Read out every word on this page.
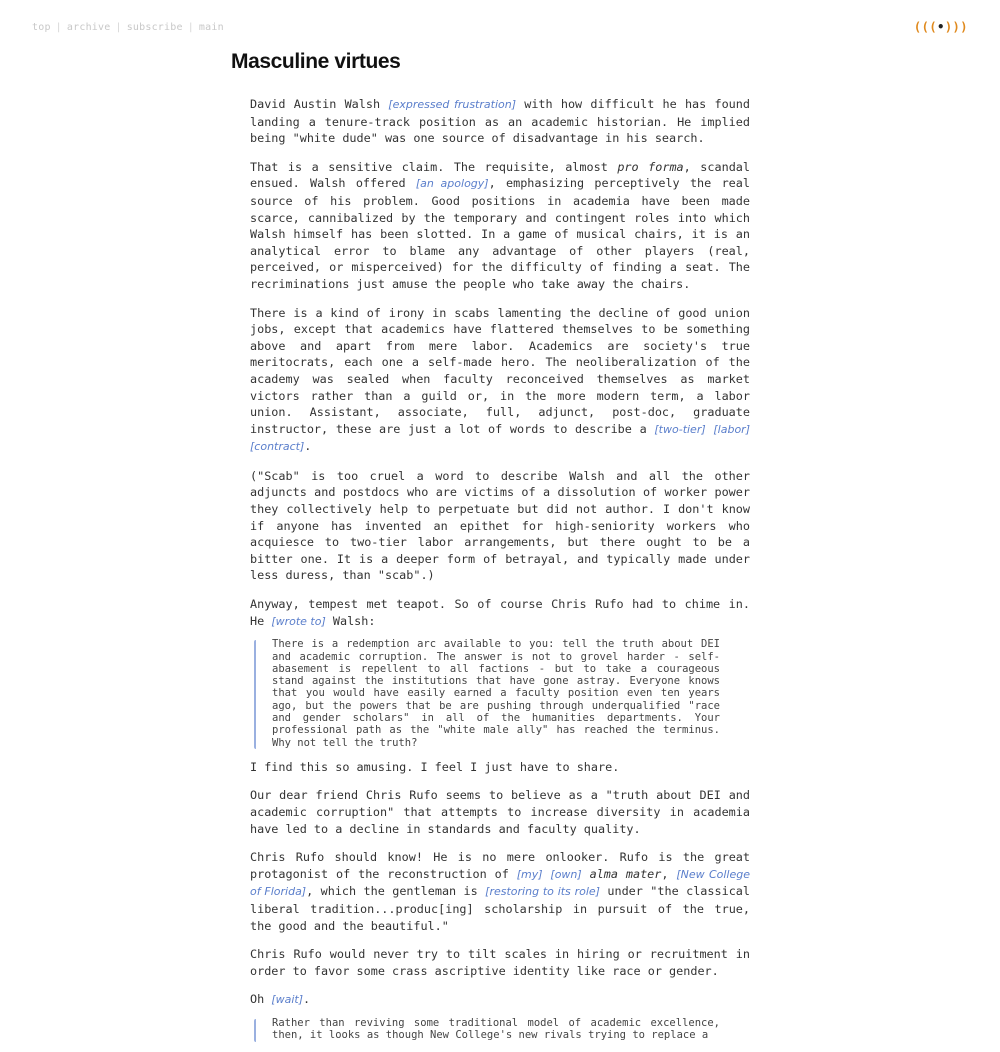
top | archive | subscribe | main	(((•)))
Masculine virtues

David Austin Walsh [expressed frustration] with how difficult he has found landing a tenure-track position as an academic historian. He implied being "white dude" was one source of disadvantage in his search.

That is a sensitive claim. The requisite, almost pro forma, scandal ensued. Walsh offered [an apology], emphasizing perceptively the real source of his problem. Good positions in academia have been made scarce, cannibalized by the temporary and contingent roles into which Walsh himself has been slotted. In a game of musical chairs, it is an analytical error to blame any advantage of other players (real, perceived, or misperceived) for the difficulty of finding a seat. The recriminations just amuse the people who take away the chairs.

There is a kind of irony in scabs lamenting the decline of good union jobs, except that academics have flattered themselves to be something above and apart from mere labor. Academics are society's true meritocrats, each one a self-made hero. The neoliberalization of the academy was sealed when faculty reconceived themselves as market victors rather than a guild or, in the more modern term, a labor union. Assistant, associate, full, adjunct, post-doc, graduate instructor, these are just a lot of words to describe a [two-tier] [labor] [contract].

("Scab" is too cruel a word to describe Walsh and all the other adjuncts and postdocs who are victims of a dissolution of worker power they collectively help to perpetuate but did not author. I don't know if anyone has invented an epithet for high-seniority workers who acquiesce to two-tier labor arrangements, but there ought to be a bitter one. It is a deeper form of betrayal, and typically made under less duress, than "scab".)

Anyway, tempest met teapot. So of course Chris Rufo had to chime in. He [wrote to] Walsh:

There is a redemption arc available to you: tell the truth about DEI and academic corruption. The answer is not to grovel harder - self-abasement is repellent to all factions - but to take a courageous stand against the institutions that have gone astray. Everyone knows that you would have easily earned a faculty position even ten years ago, but the powers that be are pushing through underqualified "race and gender scholars" in all of the humanities departments. Your professional path as the "white male ally" has reached the terminus. Why not tell the truth?

I find this so amusing. I feel I just have to share.

Our dear friend Chris Rufo seems to believe as a "truth about DEI and academic corruption" that attempts to increase diversity in academia have led to a decline in standards and faculty quality.

Chris Rufo should know! He is no mere onlooker. Rufo is the great protagonist of the reconstruction of [my] [own] alma mater, [New College of Florida], which the gentleman is [restoring to its role] under "the classical liberal tradition...produc[ing] scholarship in pursuit of the true, the good and the beautiful."

Chris Rufo would never try to tilt scales in hiring or recruitment in order to favor some crass ascriptive identity like race or gender.

Oh [wait].

Rather than reviving some traditional model of academic excellence, then, it looks as though New College's new rivals trying to replace a
